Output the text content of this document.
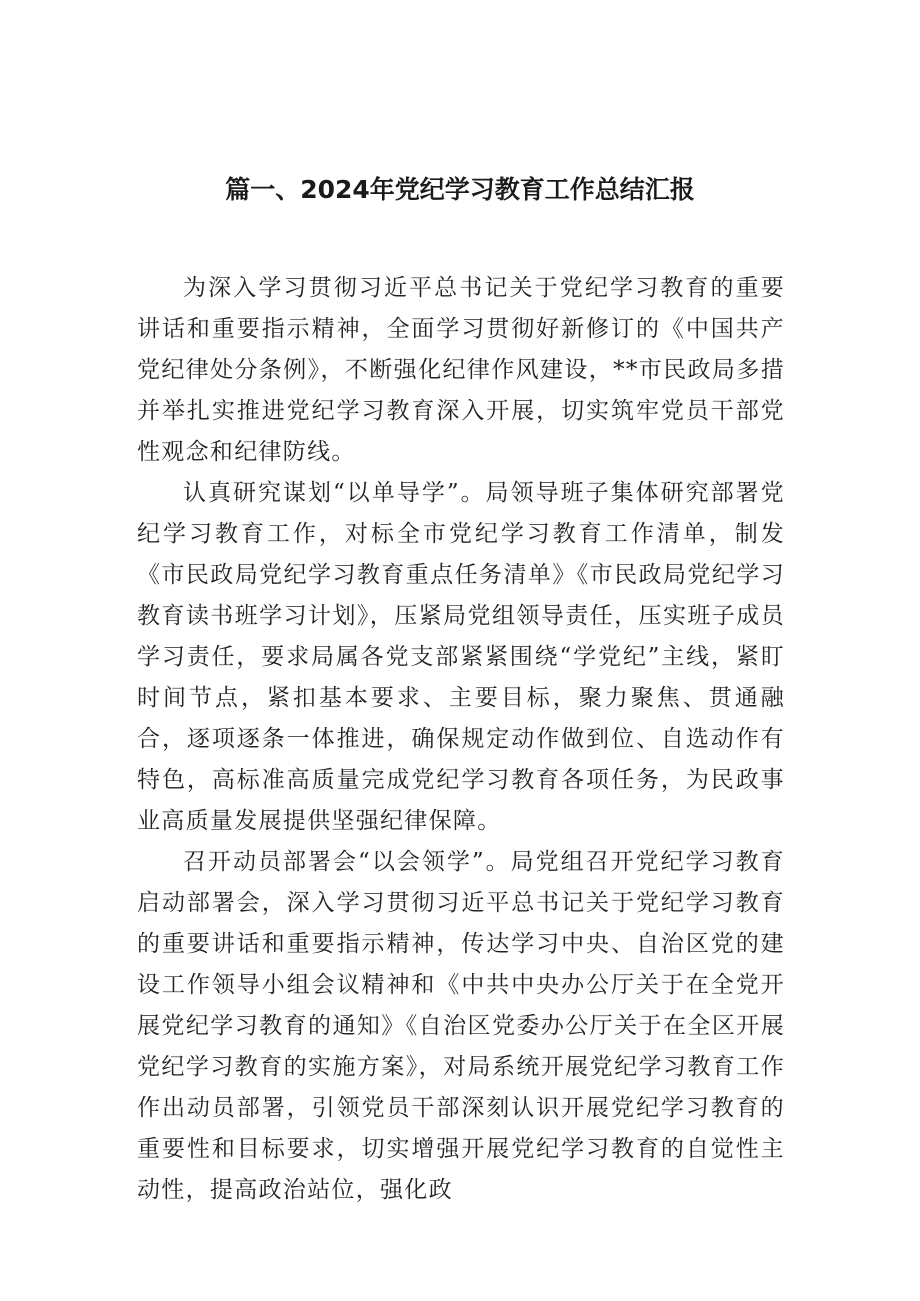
篇一、2024年党纪学习教育工作总结汇报

为深入学习贯彻习近平总书记关于党纪学习教育的重要讲话和重要指示精神，全面学习贯彻好新修订的《中国共产党纪律处分条例》，不断强化纪律作风建设，**市民政局多措并举扎实推进党纪学习教育深入开展，切实筑牢党员干部党性观念和纪律防线。

认真研究谋划“以单导学”。局领导班子集体研究部署党纪学习教育工作，对标全市党纪学习教育工作清单，制发《市民政局党纪学习教育重点任务清单》《市民政局党纪学习教育读书班学习计划》，压紧局党组领导责任，压实班子成员学习责任，要求局属各党支部紧紧围绕“学党纪”主线，紧盯时间节点，紧扣基本要求、主要目标，聚力聚焦、贯通融合，逐项逐条一体推进，确保规定动作做到位、自选动作有特色，高标准高质量完成党纪学习教育各项任务，为民政事业高质量发展提供坚强纪律保障。

召开动员部署会“以会领学”。局党组召开党纪学习教育启动部署会，深入学习贯彻习近平总书记关于党纪学习教育的重要讲话和重要指示精神，传达学习中央、自治区党的建设工作领导小组会议精神和《中共中央办公厅关于在全党开展党纪学习教育的通知》《自治区党委办公厅关于在全区开展党纪学习教育的实施方案》，对局系统开展党纪学习教育工作作出动员部署，引领党员干部深刻认识开展党纪学习教育的重要性和目标要求，切实增强开展党纪学习教育的自觉性主动性，提高政治站位，强化政
